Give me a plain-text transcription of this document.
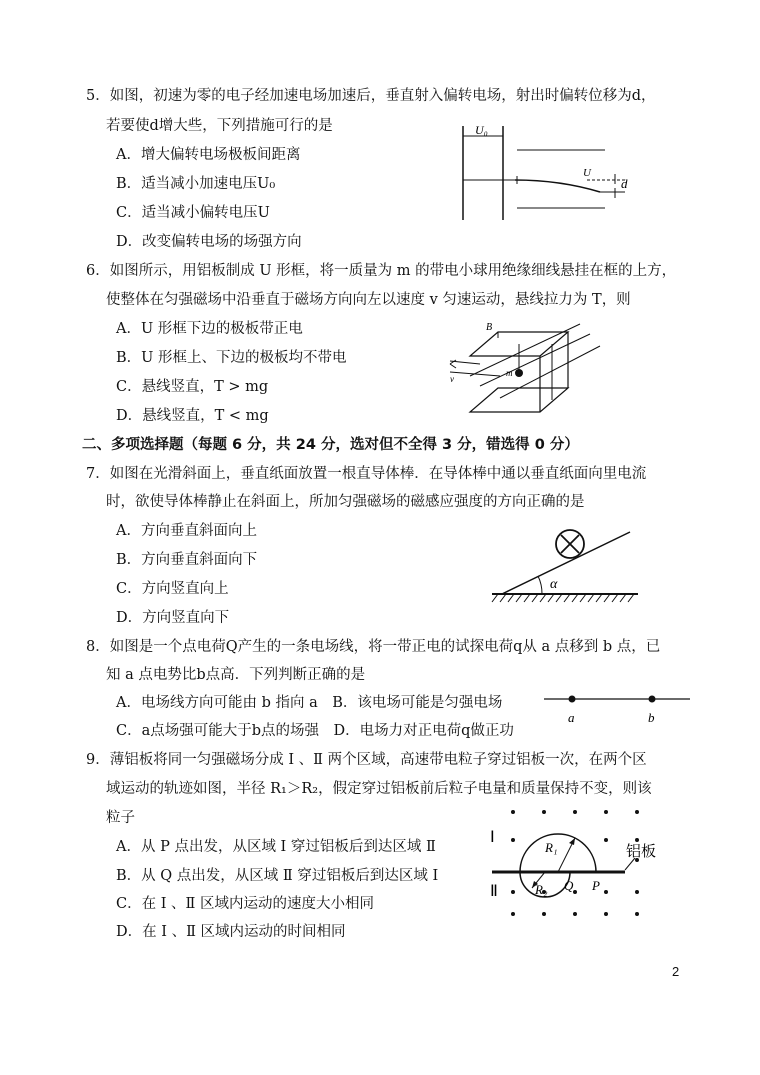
5．如图，初速为零的电子经加速电场加速后，垂直射入偏转电场，射出时偏转位移为d，
若要使d增大些，下列措施可行的是
A．增大偏转电场极板间距离
B．适当减小加速电压U₀
C．适当减小偏转电压U
D．改变偏转电场的场强方向
U₀
U
d
6．如图所示，用铝板制成 U 形框，将一质量为 m 的带电小球用绝缘细线悬挂在框的上方，
使整体在匀强磁场中沿垂直于磁场方向向左以速度 v 匀速运动，悬线拉力为 T，则
A．U 形框下边的极板带正电
B．U 形框上、下边的极板均不带电
C．悬线竖直，T > mg
D．悬线竖直，T < mg
B
v
m
二、多项选择题（每题 6 分，共 24 分，选对但不全得 3 分，错选得 0 分）
7．如图在光滑斜面上，垂直纸面放置一根直导体棒．在导体棒中通以垂直纸面向里电流
时，欲使导体棒静止在斜面上，所加匀强磁场的磁感应强度的方向正确的是
A．方向垂直斜面向上
B．方向垂直斜面向下
C．方向竖直向上
D．方向竖直向下
α
8．如图是一个点电荷Q产生的一条电场线，将一带正电的试探电荷q从 a 点移到 b 点，已
知 a 点电势比b点高．下列判断正确的是
A．电场线方向可能由 b 指向 a　B．该电场可能是匀强电场
C．a点场强可能大于b点的场强　D．电场力对正电荷q做正功
a	b
9．薄铝板将同一匀强磁场分成 Ⅰ 、Ⅱ 两个区域，高速带电粒子穿过铝板一次，在两个区
域运动的轨迹如图，半径 R₁＞R₂，假定穿过铝板前后粒子电量和质量保持不变，则该
粒子
A．从 P 点出发，从区域 Ⅰ 穿过铝板后到达区域 Ⅱ
B．从 Q 点出发，从区域 Ⅱ 穿过铝板后到达区域 Ⅰ
C．在 Ⅰ 、Ⅱ 区域内运动的速度大小相同
D．在 Ⅰ 、Ⅱ 区域内运动的时间相同
Ⅰ
Ⅱ
R₁
R₂ Q P
铝板
2
